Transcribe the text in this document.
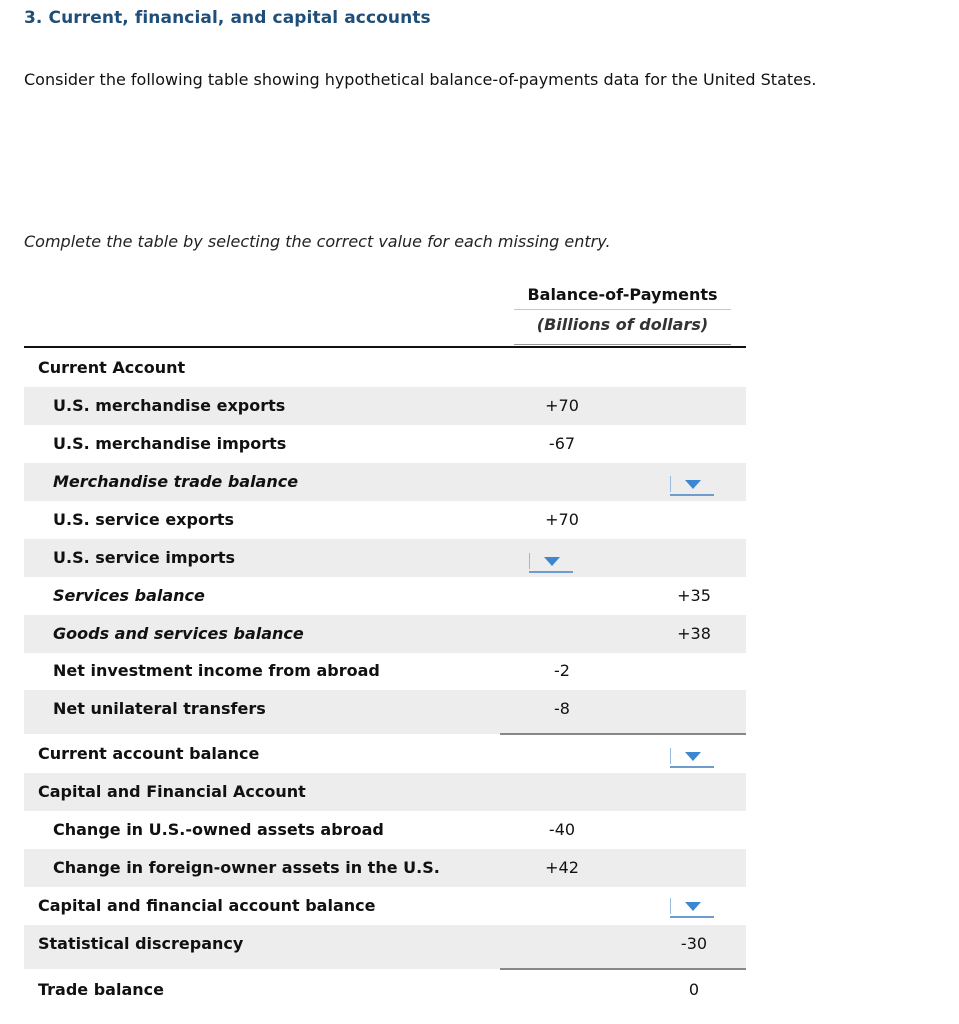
3. Current, financial, and capital accounts
Consider the following table showing hypothetical balance-of-payments data for the United States.
Complete the table by selecting the correct value for each missing entry.
Balance-of-Payments
(Billions of dollars)
Current Account
U.S. merchandise exports	+70
U.S. merchandise imports	-67
Merchandise trade balance
U.S. service exports	+70
U.S. service imports
Services balance	+35
Goods and services balance	+38
Net investment income from abroad	-2
Net unilateral transfers	-8
Current account balance
Capital and Financial Account
Change in U.S.-owned assets abroad	-40
Change in foreign-owner assets in the U.S.	+42
Capital and financial account balance
Statistical discrepancy	-30
Trade balance	0
